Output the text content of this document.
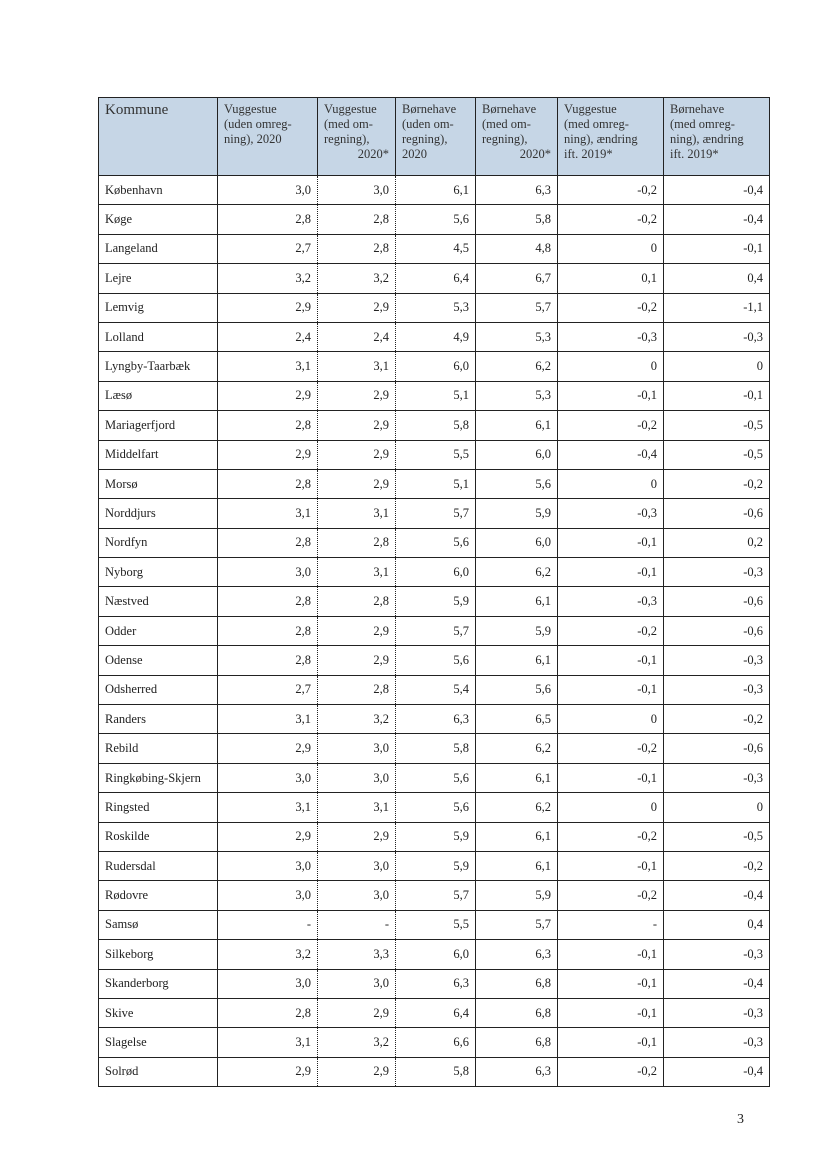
Kommune	Vuggestue
(uden omreg-
ning), 2020	Vuggestue
(med om-
regning),
2020*	Børnehave
(uden om-
regning),
2020	Børnehave
(med om-
regning),
2020*	Vuggestue
(med omreg-
ning), ændring
ift. 2019*	Børnehave
(med omreg-
ning), ændring
ift. 2019*

København	3,0	3,0	6,1	6,3	-0,2	-0,4
Køge	2,8	2,8	5,6	5,8	-0,2	-0,4
Langeland	2,7	2,8	4,5	4,8	0	-0,1
Lejre	3,2	3,2	6,4	6,7	0,1	0,4
Lemvig	2,9	2,9	5,3	5,7	-0,2	-1,1
Lolland	2,4	2,4	4,9	5,3	-0,3	-0,3
Lyngby-Taarbæk	3,1	3,1	6,0	6,2	0	0
Læsø	2,9	2,9	5,1	5,3	-0,1	-0,1
Mariagerfjord	2,8	2,9	5,8	6,1	-0,2	-0,5
Middelfart	2,9	2,9	5,5	6,0	-0,4	-0,5
Morsø	2,8	2,9	5,1	5,6	0	-0,2
Norddjurs	3,1	3,1	5,7	5,9	-0,3	-0,6
Nordfyn	2,8	2,8	5,6	6,0	-0,1	0,2
Nyborg	3,0	3,1	6,0	6,2	-0,1	-0,3
Næstved	2,8	2,8	5,9	6,1	-0,3	-0,6
Odder	2,8	2,9	5,7	5,9	-0,2	-0,6
Odense	2,8	2,9	5,6	6,1	-0,1	-0,3
Odsherred	2,7	2,8	5,4	5,6	-0,1	-0,3
Randers	3,1	3,2	6,3	6,5	0	-0,2
Rebild	2,9	3,0	5,8	6,2	-0,2	-0,6
Ringkøbing-Skjern	3,0	3,0	5,6	6,1	-0,1	-0,3
Ringsted	3,1	3,1	5,6	6,2	0	0
Roskilde	2,9	2,9	5,9	6,1	-0,2	-0,5
Rudersdal	3,0	3,0	5,9	6,1	-0,1	-0,2
Rødovre	3,0	3,0	5,7	5,9	-0,2	-0,4
Samsø	-	-	5,5	5,7	-	0,4
Silkeborg	3,2	3,3	6,0	6,3	-0,1	-0,3
Skanderborg	3,0	3,0	6,3	6,8	-0,1	-0,4
Skive	2,8	2,9	6,4	6,8	-0,1	-0,3
Slagelse	3,1	3,2	6,6	6,8	-0,1	-0,3
Solrød	2,9	2,9	5,8	6,3	-0,2	-0,4
3
